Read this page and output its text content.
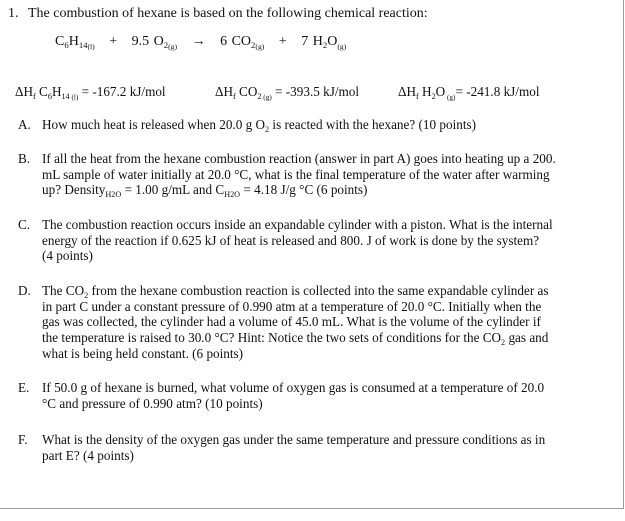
1. The combustion of hexane is based on the following chemical reaction:
$C_6H_{14(l)} + 9.5$ $O_{2(g)} \to 6$ $CO_{2(g)} + 7$ $H_2O_{(g)}$
$\Delta H_f$ $C_6H_{14}$ $_{(l)}$ = -167.2 kJ/mol	$\Delta H_f$ $CO_2$ $_{(g)}$ = -393.5 kJ/mol	$\Delta H_f$ $H_2O$ $_{(g)}$= -241.8 kJ/mol
A. How much heat is released when 20.0 g $O_2$ is reacted with the hexane? (10 points)
B. If all the heat from the hexane combustion reaction (answer in part A) goes into heating up a 200.
mL sample of water initially at 20.0 °C, what is the final temperature of the water after warming
up? Density$_{H2O}$ = 1.00 g/mL and $C_{H2O} = 4.18$ J/g °C (6 points)
C. The combustion reaction occurs inside an expandable cylinder with a piston. What is the internal
energy of the reaction if 0.625 kJ of heat is released and 800. J of work is done by the system?
(4 points)
D. The $CO_2$ from the hexane combustion reaction is collected into the same expandable cylinder as
in part C under a constant pressure of 0.990 atm at a temperature of 20.0 °C. Initially when the
gas was collected, the cylinder had a volume of 45.0 mL. What is the volume of the cylinder if
the temperature is raised to 30.0 °C? Hint: Notice the two sets of conditions for the $CO_2$ gas and
what is being held constant. (6 points)
E. If 50.0 g of hexane is burned, what volume of oxygen gas is consumed at a temperature of 20.0
°C and pressure of 0.990 atm? (10 points)
F.	What is the density of the oxygen gas under the same temperature and pressure conditions as in
part E? (4 points)
